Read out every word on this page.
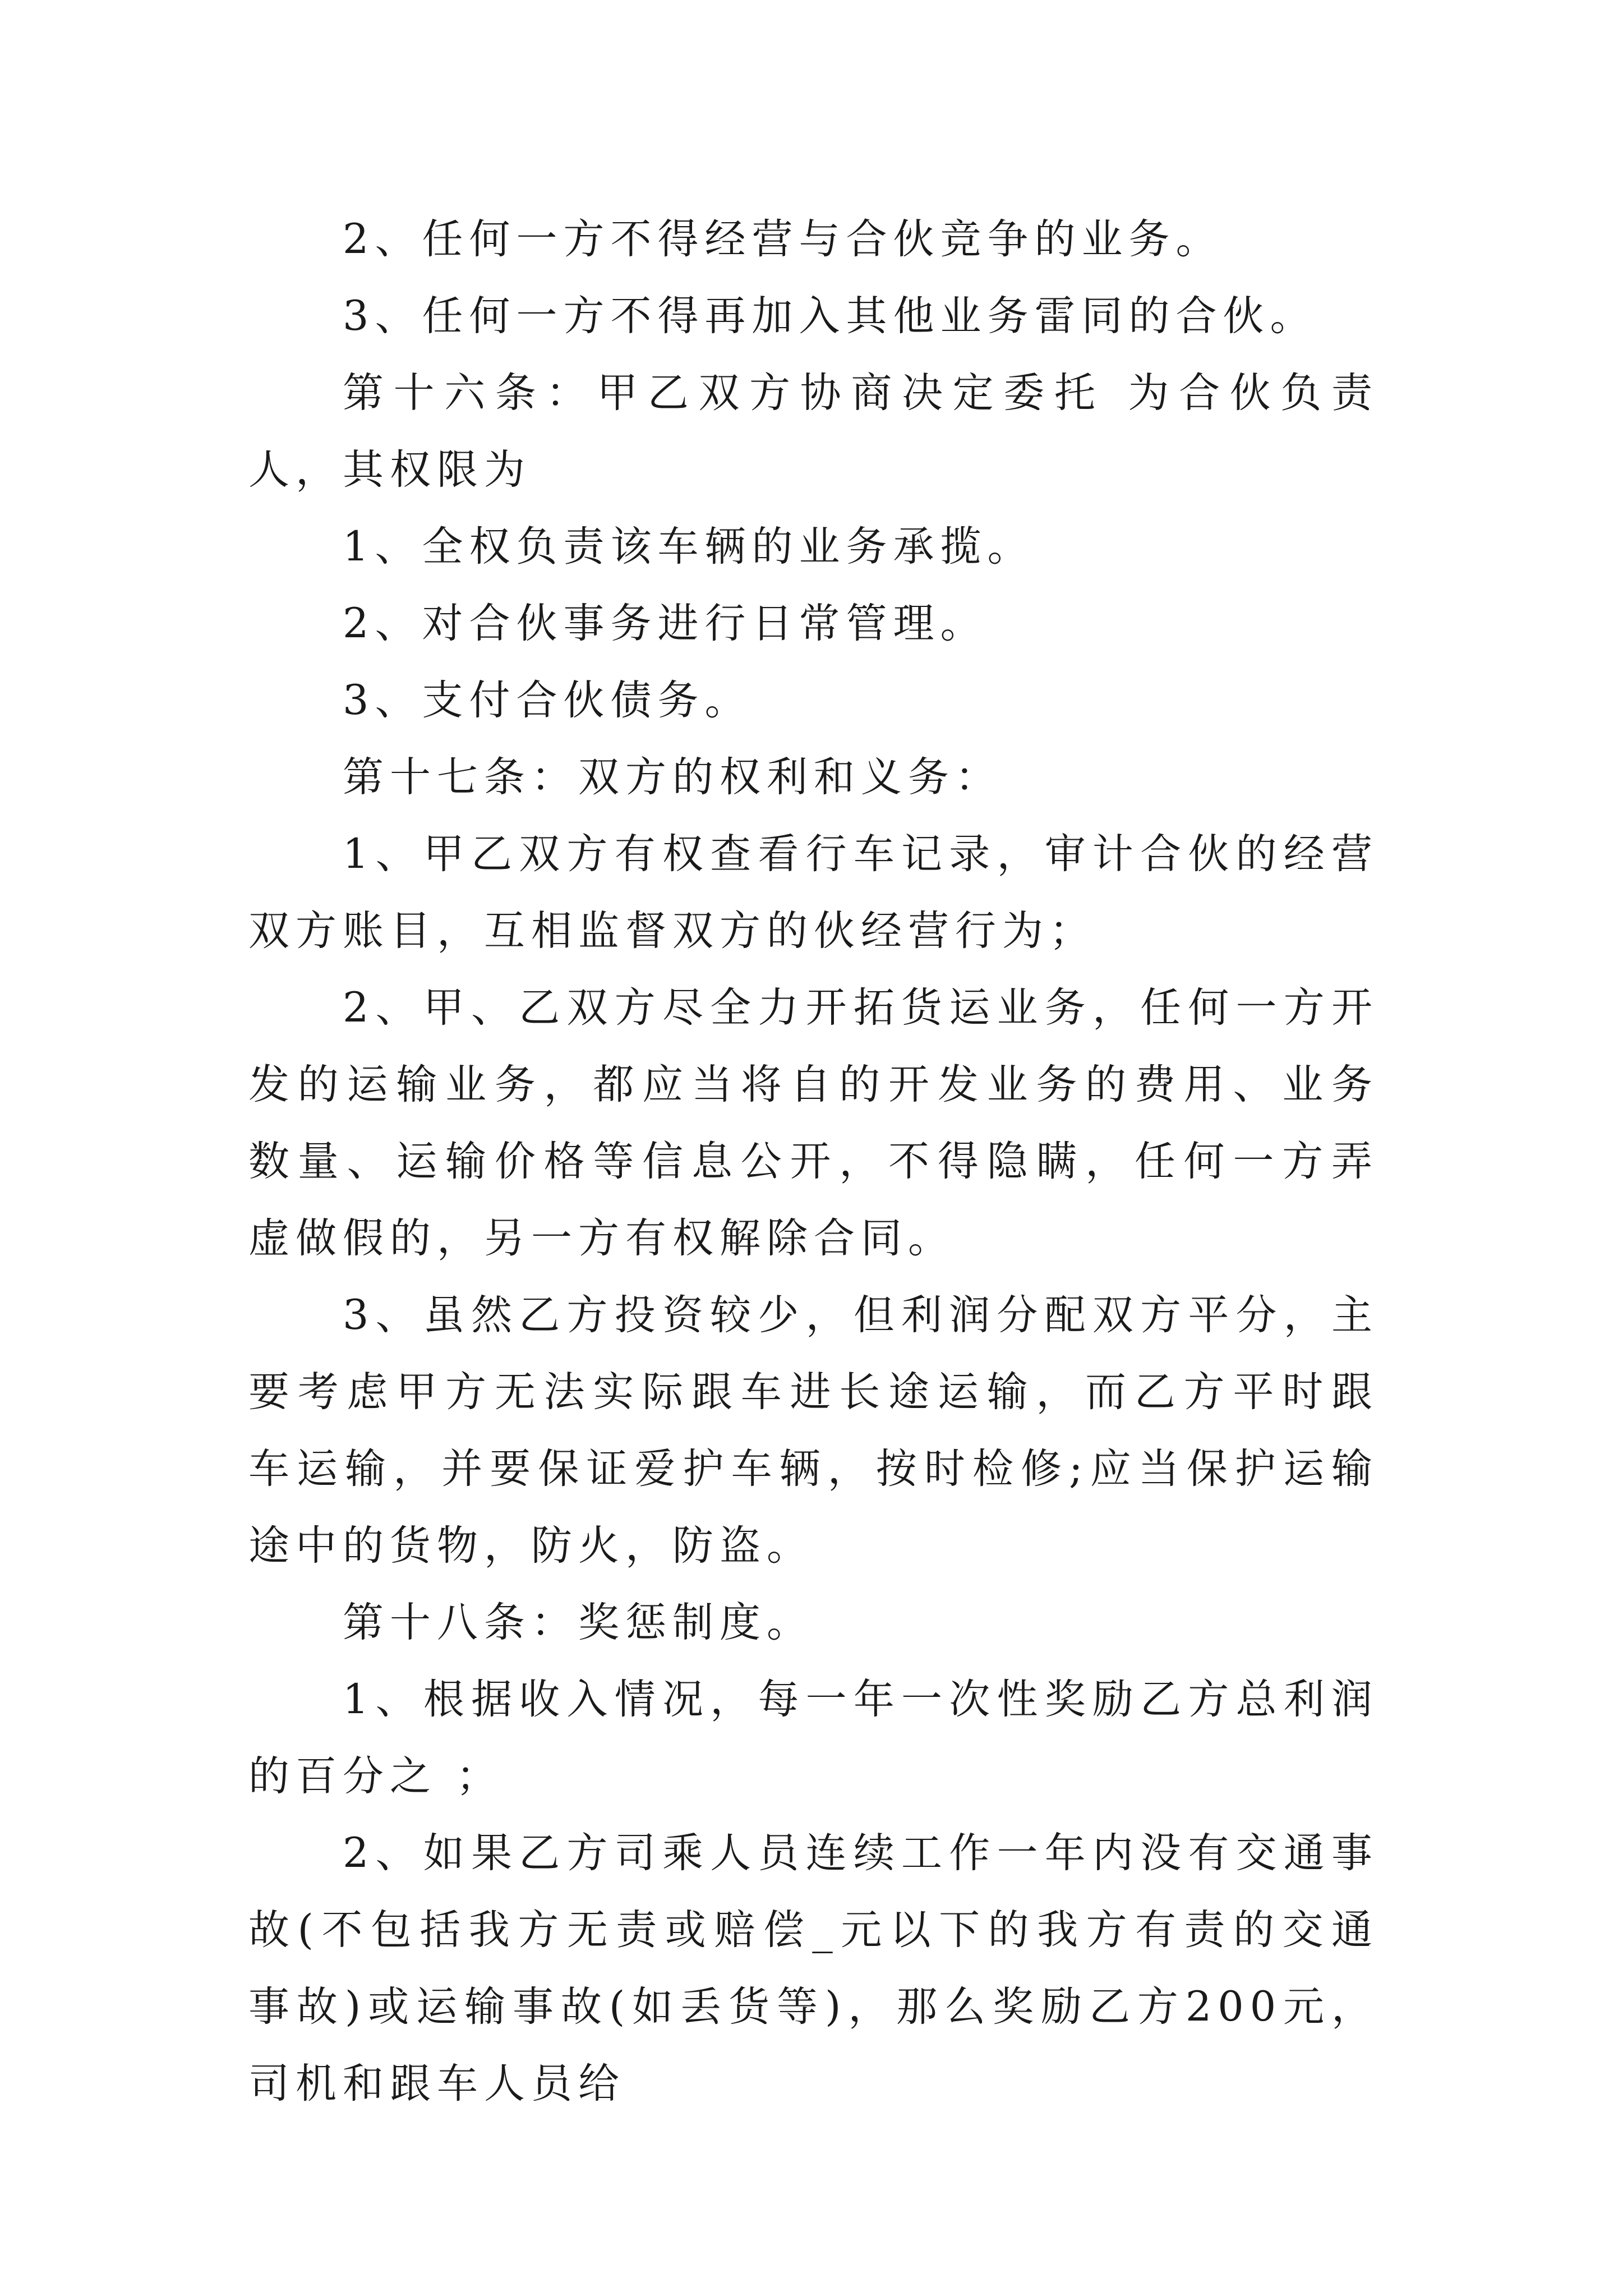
2、任何一方不得经营与合伙竞争的业务。

3、任何一方不得再加入其他业务雷同的合伙。

第十六条：甲乙双方协商决定委托 为合伙负责人，其权限为

1、全权负责该车辆的业务承揽。

2、对合伙事务进行日常管理。

3、支付合伙债务。

第十七条：双方的权利和义务：

1、甲乙双方有权查看行车记录，审计合伙的经营双方账目，互相监督双方的伙经营行为；

2、甲、乙双方尽全力开拓货运业务，任何一方开发的运输业务，都应当将自的开发业务的费用、业务数量、运输价格等信息公开，不得隐瞒，任何一方弄虚做假的，另一方有权解除合同。

3、虽然乙方投资较少，但利润分配双方平分，主要考虑甲方无法实际跟车进长途运输，而乙方平时跟车运输，并要保证爱护车辆，按时检修;应当保护运输途中的货物，防火，防盗。

第十八条：奖惩制度。

1、根据收入情况，每一年一次性奖励乙方总利润的百分之 ；

2、如果乙方司乘人员连续工作一年内没有交通事故(不包括我方无责或赔偿_元以下的我方有责的交通事故)或运输事故(如丢货等)，那么奖励乙方200元，司机和跟车人员给
